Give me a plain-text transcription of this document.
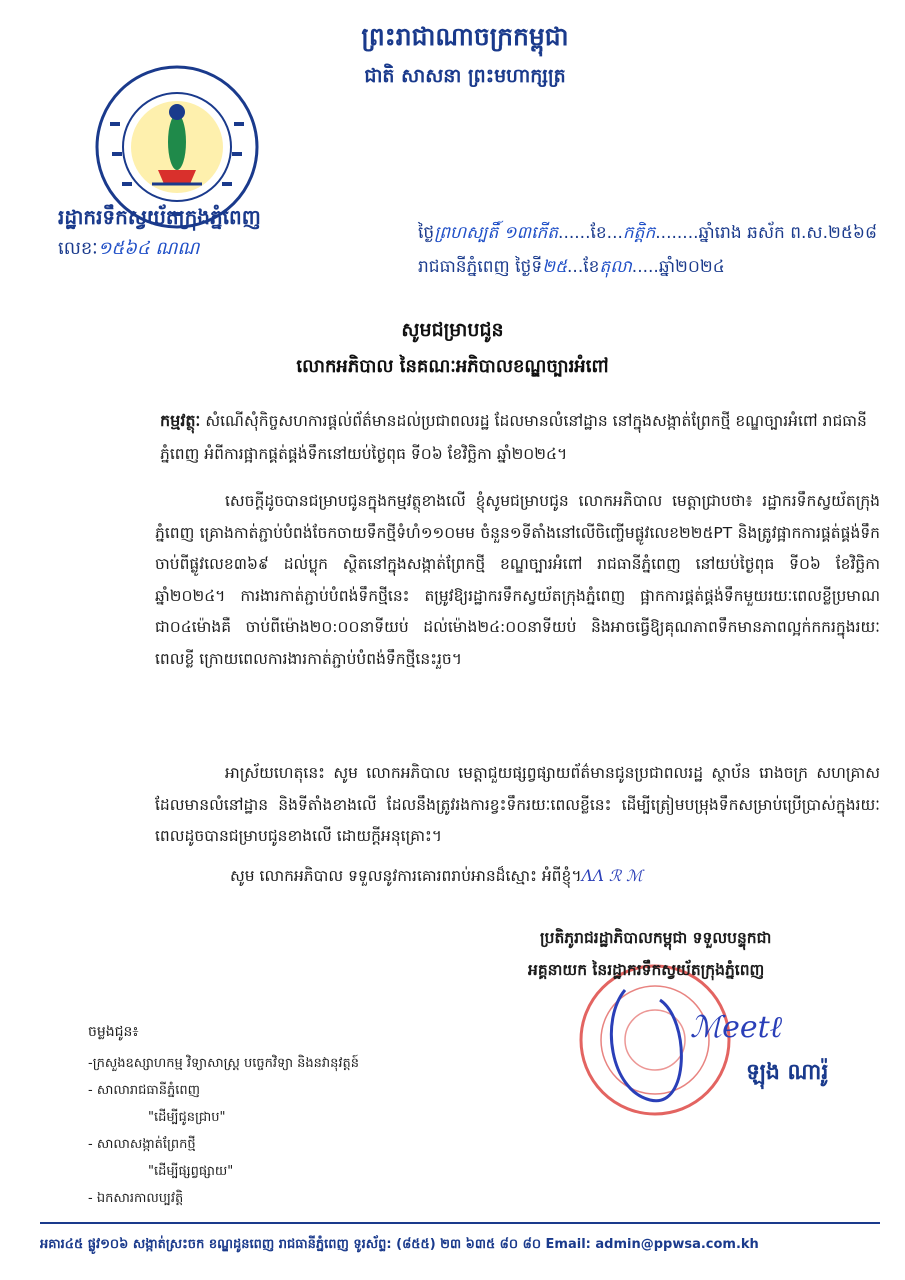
ព្រះរាជាណាចក្រកម្ពុជា
ជាតិ សាសនា ព្រះមហាក្សត្រ
រដ្ឋាករទឹកស្វយ័តក្រុងភ្នំពេញ
លេខៈ១៥៦៤ ណណ
ថ្ងៃព្រហស្បតិ៍ ១៣កើត......ខែ...កត្តិក........ឆ្នាំរោង ឆស័ក ព.ស.២៥៦៨
រាជធានីភ្នំពេញ ថ្ងៃទី២៥...ខែតុលា.....ឆ្នាំ២០២៤
សូមជម្រាបជូន
លោកអភិបាល នៃគណៈអភិបាលខណ្ឌច្បារអំពៅ
កម្មវត្ថុៈ សំណើសុំកិច្ចសហការផ្ដល់ព័ត៌មានដល់ប្រជាពលរដ្ឋ ដែលមានលំនៅដ្ឋាន នៅក្នុងសង្កាត់ព្រែកថ្មី ខណ្ឌច្បារអំពៅ រាជធានីភ្នំពេញ អំពីការផ្អាកផ្គត់ផ្គង់ទឹកនៅយប់ថ្ងៃពុធ ទី០៦ ខែវិច្ឆិកា ឆ្នាំ២០២៤។
សេចក្ដីដូចបានជម្រាបជូនក្នុងកម្មវត្ថុខាងលើ ខ្ញុំសូមជម្រាបជូន លោកអភិបាល មេត្តាជ្រាបថា៖ រដ្ឋាករទឹកស្វយ័តក្រុងភ្នំពេញ គ្រោងកាត់ភ្ជាប់បំពង់ចែកចាយទឹកថ្មីទំហំ១១០មម ចំនួន១ទីតាំងនៅលើចិញ្ចើមផ្លូវលេខ២២៥PT និងត្រូវផ្អាកការផ្គត់ផ្គង់ទឹកចាប់ពីផ្លូវលេខ៣៦៩ ដល់ប្លុក ស្ថិតនៅក្នុងសង្កាត់ព្រែកថ្មី ខណ្ឌច្បារអំពៅ រាជធានីភ្នំពេញ នៅយប់ថ្ងៃពុធ ទី០៦ ខែវិច្ឆិកា ឆ្នាំ២០២៤។ ការងារកាត់ភ្ជាប់បំពង់ទឹកថ្មីនេះ តម្រូវឱ្យរដ្ឋាករទឹកស្វយ័តក្រុងភ្នំពេញ ផ្អាកការផ្គត់ផ្គង់ទឹកមួយរយៈពេលខ្លីប្រមាណជា០៤ម៉ោងគឺ ចាប់ពីម៉ោង២០:០០នាទីយប់ ដល់ម៉ោង២៤:០០នាទីយប់ និងអាចធ្វើឱ្យគុណភាពទឹកមានភាពល្អក់កករក្នុងរយៈពេលខ្លី ក្រោយពេលការងារកាត់ភ្ជាប់បំពង់ទឹកថ្មីនេះរួច។
អាស្រ័យហេតុនេះ សូម លោកអភិបាល មេត្តាជួយផ្សព្វផ្សាយព័ត៌មានជូនប្រជាពលរដ្ឋ ស្ថាប័ន រោងចក្រ សហគ្រាស ដែលមានលំនៅដ្ឋាន និងទីតាំងខាងលើ ដែលនឹងត្រូវរងការខ្វះទឹករយៈពេលខ្លីនេះ ដើម្បីត្រៀមបម្រុងទឹកសម្រាប់ប្រើប្រាស់ក្នុងរយៈពេលដូចបានជម្រាបជូនខាងលើ ដោយក្ដីអនុគ្រោះ។
សូម លោកអភិបាល ទទួលនូវការគោរពរាប់អានដ៏ស្មោះ អំពីខ្ញុំ។ΛΛ ℛ ℳ
ប្រតិភូរាជរដ្ឋាភិបាលកម្ពុជា ទទួលបន្ទុកជា
អគ្គនាយក នៃរដ្ឋាករទឹកស្វយ័តក្រុងភ្នំពេញ
ℳeetℓ
ឡុង ណារ៉ូ
ចម្លងជូន៖
-ក្រសួងឧស្សាហកម្ម វិទ្យាសាស្ត្រ បច្ចេកវិទ្យា និងនវានុវត្តន៍
- សាលារាជធានីភ្នំពេញ
"ដើម្បីជូនជ្រាប"
- សាលាសង្កាត់ព្រែកថ្មី
"ដើម្បីផ្សព្វផ្សាយ"
- ឯកសារកាលប្បវត្តិ
អគារ៤៥ ផ្លូវ១០៦ សង្កាត់ស្រះចក ខណ្ឌដូនពេញ រាជធានីភ្នំពេញ ទូរស័ព្ទ: (៨៥៥) ២៣ ៦៣៥ ៨០ ៨០ Email: admin@ppwsa.com.kh
